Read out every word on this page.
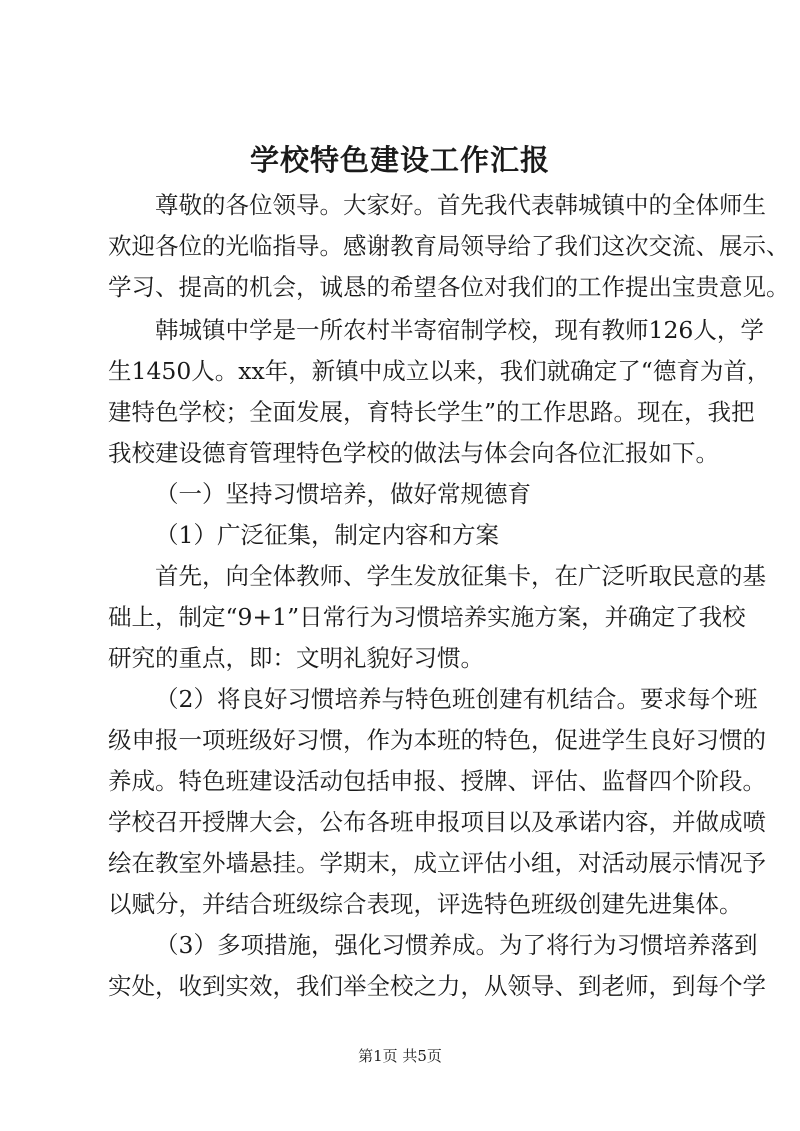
学校特色建设工作汇报

尊敬的各位领导。大家好。首先我代表韩城镇中的全体师生

欢迎各位的光临指导。感谢教育局领导给了我们这次交流、展示、

学习、提高的机会，诚恳的希望各位对我们的工作提出宝贵意见。

韩城镇中学是一所农村半寄宿制学校，现有教师126人，学

生1450人。xx年，新镇中成立以来，我们就确定了“德育为首，

建特色学校；全面发展，育特长学生”的工作思路。现在，我把

我校建设德育管理特色学校的做法与体会向各位汇报如下。

（一）坚持习惯培养，做好常规德育

（1）广泛征集，制定内容和方案

首先，向全体教师、学生发放征集卡，在广泛听取民意的基

础上，制定“9+1”日常行为习惯培养实施方案，并确定了我校

研究的重点，即：文明礼貌好习惯。

（2）将良好习惯培养与特色班创建有机结合。要求每个班

级申报一项班级好习惯，作为本班的特色，促进学生良好习惯的

养成。特色班建设活动包括申报、授牌、评估、监督四个阶段。

学校召开授牌大会，公布各班申报项目以及承诺内容，并做成喷

绘在教室外墙悬挂。学期末，成立评估小组，对活动展示情况予

以赋分，并结合班级综合表现，评选特色班级创建先进集体。

（3）多项措施，强化习惯养成。为了将行为习惯培养落到

实处，收到实效，我们举全校之力，从领导、到老师，到每个学

第1页 共5页
